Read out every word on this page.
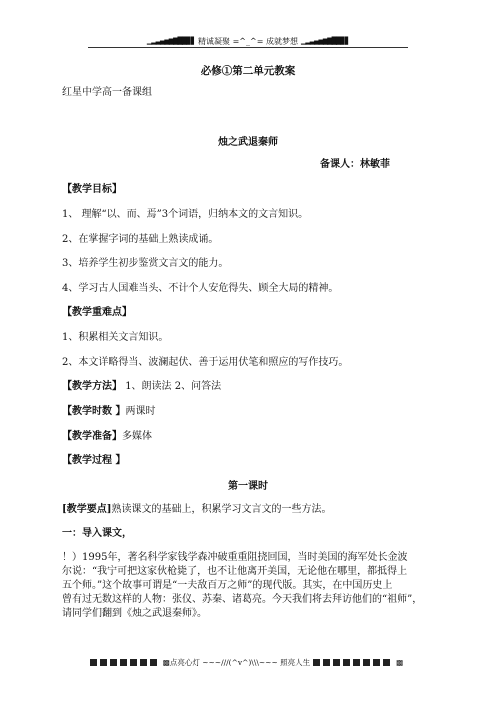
▁▂▃▄▅▆▇█▉▊▋ 精诚凝聚 =^_^= 成就梦想 ▁▂▃▄▅▆▇█▉▊▋
必修①第二单元教案
红星中学高一备课组
烛之武退秦师
备课人：林敏菲
【教学目标】
1、 理解“以、而、焉”3个词语，归纳本文的文言知识。
2、在掌握字词的基础上熟读成诵。
3、培养学生初步鉴赏文言文的能力。
4、学习古人国难当头、不计个人安危得失、顾全大局的精神。
【教学重难点】
1、积累相关文言知识。
2、本文详略得当、波澜起伏、善于运用伏笔和照应的写作技巧。
【教学方法】 1、朗读法 2、问答法
【教学时数 】两课时
【教学准备】多媒体
【教学过程 】
第一课时
[教学要点]熟读课文的基础上，积累学习文言文的一些方法。
一：导入课文，
！）1995年，著名科学家钱学森冲破重重阻挠回国，当时美国的海军处长金波
尔说：“我宁可把这家伙枪毙了，也不让他离开美国，无论他在哪里，都抵得上
五个师。”这个故事可谓是“一夫敌百万之师”的现代版。其实，在中国历史上
曾有过无数这样的人物：张仪、苏秦、诸葛亮。今天我们将去拜访他们的“祖师”，
请同学们翻到《烛之武退秦师》。
▩点亮心灯 ~~~///(^v^)\\\~~~ 照亮人生	▩
